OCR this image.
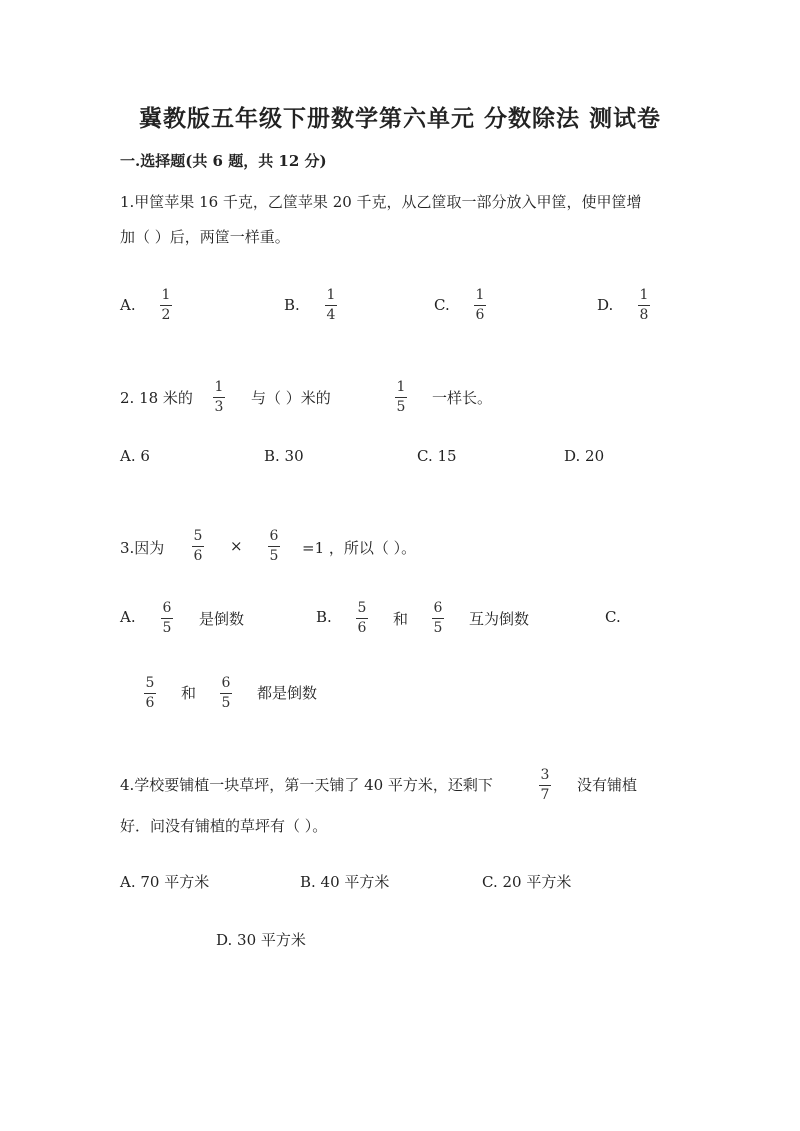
冀教版五年级下册数学第六单元 分数除法 测试卷
一.选择题(共 6 题，共 12 分)
1.甲筐苹果 16 千克，乙筐苹果 20 千克，从乙筐取一部分放入甲筐，使甲筐增
加（ ）后，两筐一样重。
A.
1
2
B.
1
4
C.
1
6
D.
1
8
2. 18 米的
1
3 与（ ）米的
1
5 一样长。
A. 6	B. 30	C. 15	D. 20
3.因为
5
6
×
6
5 =1 ，所以（ ）。
A. 6
5 是倒数	B. 5
6 和
6
5 互为倒数	C.
5
6
和
6
5
都是倒数
4.学校要铺植一块草坪，第一天铺了 40 平方米，还剩下
3
7
没有铺植
好．问没有铺植的草坪有（ ）。
A. 70 平方米	B. 40 平方米	C. 20 平方米
D. 30 平方米
